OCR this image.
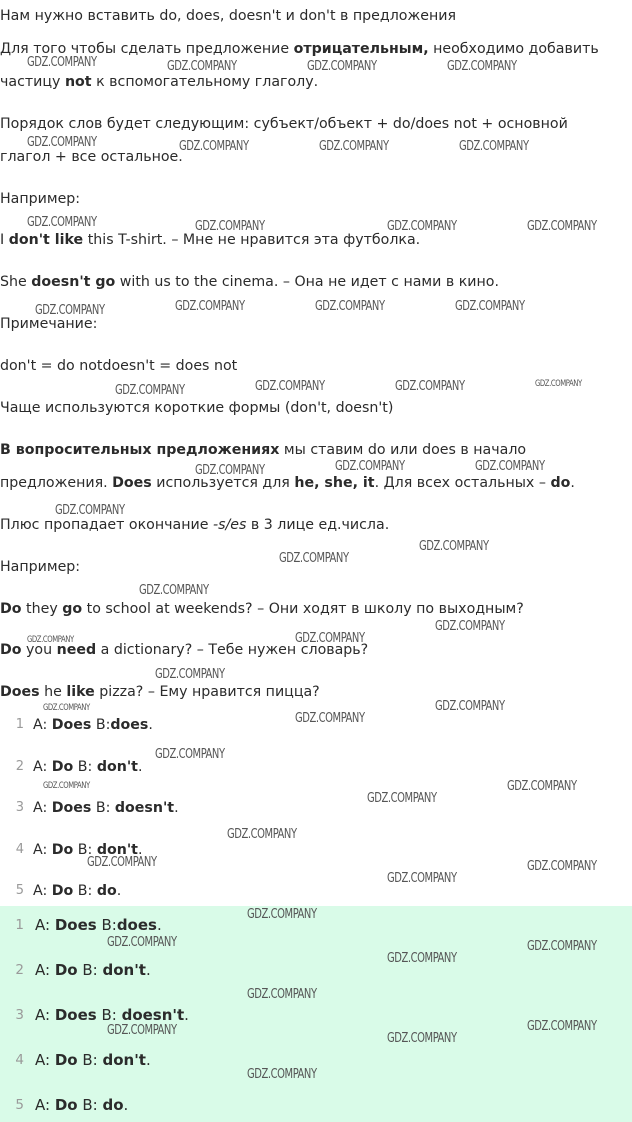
Нам нужно вставить do, does, doesn't и don't в предложения
Для того чтобы сделать предложение отрицательным, необходимо добавить
частицу not к вспомогательному глаголу.
Порядок слов будет следующим: субъект/объект + do/does not + основной
глагол + все остальное.
Например:
I don't like this T-shirt. – Мне не нравится эта футболка.
She doesn't go with us to the cinema. – Она не идет с нами в кино.
Примечание:
don't = do notdoesn't = does not
Чаще используются короткие формы (don't, doesn't)
В вопросительных предложениях мы ставим do или does в начало
предложения. Does используется для he, she, it. Для всех остальных – do.
Плюс пропадает окончание -s/es в 3 лице ед.числа.
Например:
Do they go to school at weekends? – Они ходят в школу по выходным?
Do you need a dictionary? – Тебе нужен словарь?
Does he like pizza? – Ему нравится пицца?
1 A: Does B:does.
2 A: Do B: don't.
3 A: Does B: doesn't.
4 A: Do B: don't.
5 A: Do B: do.
1 A: Does B:does.
2 A: Do B: don't.
3 A: Does B: doesn't.
4 A: Do B: don't.
5 A: Do B: do.
GDZ.COMPANY	GDZ.COMPANY	GDZ.COMPANY	GDZ.COMPANY
GDZ.COMPANY	GDZ.COMPANY	GDZ.COMPANY	GDZ.COMPANY
GDZ.COMPANY	GDZ.COMPANY	GDZ.COMPANY	GDZ.COMPANY
GDZ.COMPANY	GDZ.COMPANY	GDZ.COMPANY	GDZ.COMPANY
GDZ.COMPANY	GDZ.COMPANY	GDZ.COMPANY	GDZ.COMPANY
GDZ.COMPANY	GDZ.COMPANY	GDZ.COMPANY
GDZ.COMPANY
GDZ.COMPANY
GDZ.COMPANY
GDZ.COMPANY
GDZ.COMPANY
GDZ.COMPANY	GDZ.COMPANY
GDZ.COMPANY
GDZ.COMPANY
GDZ.COMPANY
GDZ.COMPANY
GDZ.COMPANY
GDZ.COMPANY	GDZ.COMPANY
GDZ.COMPANY
GDZ.COMPANY
GDZ.COMPANY	GDZ.COMPANY
GDZ.COMPANY
GDZ.COMPANY
GDZ.COMPANY	GDZ.COMPANY
GDZ.COMPANY
GDZ.COMPANY
GDZ.COMPANY	GDZ.COMPANY
GDZ.COMPANY
GDZ.COMPANY
